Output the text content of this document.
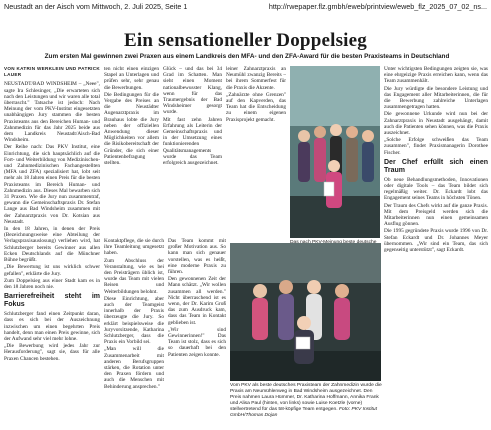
Neustadt an der Aisch vom Mittwoch, 2. Juli 2025, Seite 1	http://rwepaper.flz.gmbh/eweb/printview/eweb_flz_2025_07_02_ns...
Ein sensationeller Doppelsieg
Zum ersten Mal gewinnen zwei Praxen aus einem Landkreis den MFA- und den ZFA-Award für die besten Praxisteams in Deutschland

VON KATRIN WERKLEIN UND PATRICK LAUER

NEUSTADT/BAD WINDSHEIM – „Neee", sagte Ira Schlesinger, „Die erwarteten sich nach den Leistungen und wir waren alle total überrascht." Tatsache ist jedoch: Nach Meinung der vom PKV-Institut eingesetzten unabhängigen Jury stammen die besten Praxisteams aus den Bereichen Human- und Zahnmedizin für das Jahr 2025 beide aus dem Landkreis Neustadt/Aisch-Bad Windsheim.

Der Reihe nach: Das PKV Institut, eine Einrichtung, die sich hauptsächlich auf die Fort- und Weiterbildung von Medizinischen- und Zahnmedizinischen Fachangestellten (MFA und ZFA) spezialisiert hat, lobt seit mehr als 18 Jahren einen Preis für die besten Praxisteams im Bereich Human- und Zahnmedizin aus. Dieses Mal bewarben sich 31 Praxen. Wie die Jury nun zusammentraf, gewann die Gemeinschaftspraxis Dr. Stefan Lange aus Bad Windsheim zusammen mit der Zahnarztpraxis von Dr. Kotsian aus Neustadt.

In den 18 Jahren, in denen der Preis (Bezeichnungsweise eine Abteilung der Verlagspraxisauslosung) verliehen wird, hat Schlutzberger bereits Gewinner aus allen Ecken Deutschlands auf die Münchner Bühne begrüßt.

„Die Bewertung ist uns wirklich schwer gefallen", erklärte die Jury.

Zum Doppelsieg aus einer Stadt kam es in den 18 Jahren noch nie.

Barrierefreiheit steht im Fokus

Schlutzberger fand einen Zeitpunkt daran, dass es sich bei der Auszeichnung inzwischen um einen begehrten Preis handelt, denn man einen Preis gewinne, sich der Aufwand sehr viel mehr lohne.

„Die Bewerbung wird jedes Jahr zur Herausforderung", sagt sie, dass für alle Praxen Chancen bestehen.

ten nicht einen einzigen Stapel an Unterlagen und prüfen sehr, sehr genau die Bewerbungen.

Die Bedingungen für die Vergabe des Preises an die Neustädter Augenarztpraxis im Brauhaus lobte die Jury neben der offiziellen Anwendung dieser Möglichkeiten vor allem die Risikobereitschaft der Gründer, die sich einer Patientenbefragung stellten.

Glück – und das bei 34 Grad im Schatten. Man sieht einen Moment nationalbewusster Klang, wenn für das Traumergebnis der Bad Windsheimer gesorgt wurde.

Mit fast zehn Jahren Erfahrung als Leiterin der Gemeinschaftspraxis und in der Umsetzung eines funktionierenden Qualitätsmanagements wurde das Team erfolgreich ausgezeichnet.

leiner Zahnarztpraxis an Neumühl zwanzig Bereits – bei ihrem Sommerfest für die Praxis die Akzente.

„Zahnärzte ohne Grenzen" auf den Kapverden, das Team hat die Entscheidung zu einem eigenen Praxisprojekt gemacht.

Kontaktpflege, die sie durch ihre Teamleitung umgesetzt haben.

Zum Abschluss der Veranstaltung, wie es bei den Preisträgern üblich ist, wurde das Team mit vielen Reisen und Weiterbildungen belohnt.

Diese Einrichtung, aber auch der Teamgeist innerhalb der Praxis überzeugte die Jury. So erklärt beispielsweise die Juryvorsitzende, Katharina Schlutzberger, dass die Praxis ein Vorbild sei.

„Man will die Zusammenarbeit mit anderen Berufsgruppen stärken, die Rotation unter den Praxen fördern und auch die Menschen mit Behinderung ansprechen."

Das Team kommt mit großer Motivation aus. So kann man sich genauer vorstellen, was es heißt, eine moderne Praxis zu führen.

Den gewonnenen Zeit der Mann schätzt. „Wir wollen zusammen all werden." Nicht überraschend ist es wenn, der Dr. Karim Groß das zum Ausdruck kam, dass das Team in Kontakt geblieben ist.

„Wir sind Gewinnerinnen!" Das Team ist stolz, dass es sich so dauerhaft bei den Patienten zeigen konnte.

Vom PKV als beste deutsches Praxisteam der Zahnmedizin wurde die Praxis am Neumühlenweg in Bad Windsheim ausgezeichnet. Den Preis nahmen Laura Hümmer, Dr. Katharina Hoffmann, Annika Frank und Alisa Paul (hinten, von links) sowie Luise Koetzle (vorne) stellvertretend für das 58-köpfige Team entgegen. Foto: PKV Institut GmbH/Thomas Dojan

Unter wichtigsten Bedingungen zeigten sie, was eine ehrgeizige Praxis erreichen kann, wenn das Team zusammenhält.

Die Jury würdigte die besondere Leistung und das Engagement aller Mitarbeiterinnen, die für die Bewerbung zahlreiche Unterlagen zusammengetragen hatten.

Die gewonnene Urkunde wird nun bei der Zahnarztpraxis in Neustadt ausgehängt, damit auch die Patienten sehen können, was die Praxis auszeichnet.

„Solche Erfolge schweißen das Team zusammen", findet Praxismanagerin Dorothee Fischer.

Der Chef erfüllt sich einen Traum

Ob neue Behandlungsmethoden, Innovationen oder digitale Tools – das Team bildet sich regelmäßig weiter. Dr. Eckardt lobt das Engagement seines Teams in höchsten Tönen.

Der Traum des Chefs wirkt auf die ganze Praxis. Mit dem Preisgeld werden sich die Mitarbeiterinnen nun einen gemeinsamen Ausflug gönnen.

Die 1995 gegründete Praxis wurde 1996 von Dr. Stefan Eckardt und Dr. Johannes Meyer übernommen. „Wir sind ein Team, das sich gegenseitig unterstützt", sagt Eckardt.
